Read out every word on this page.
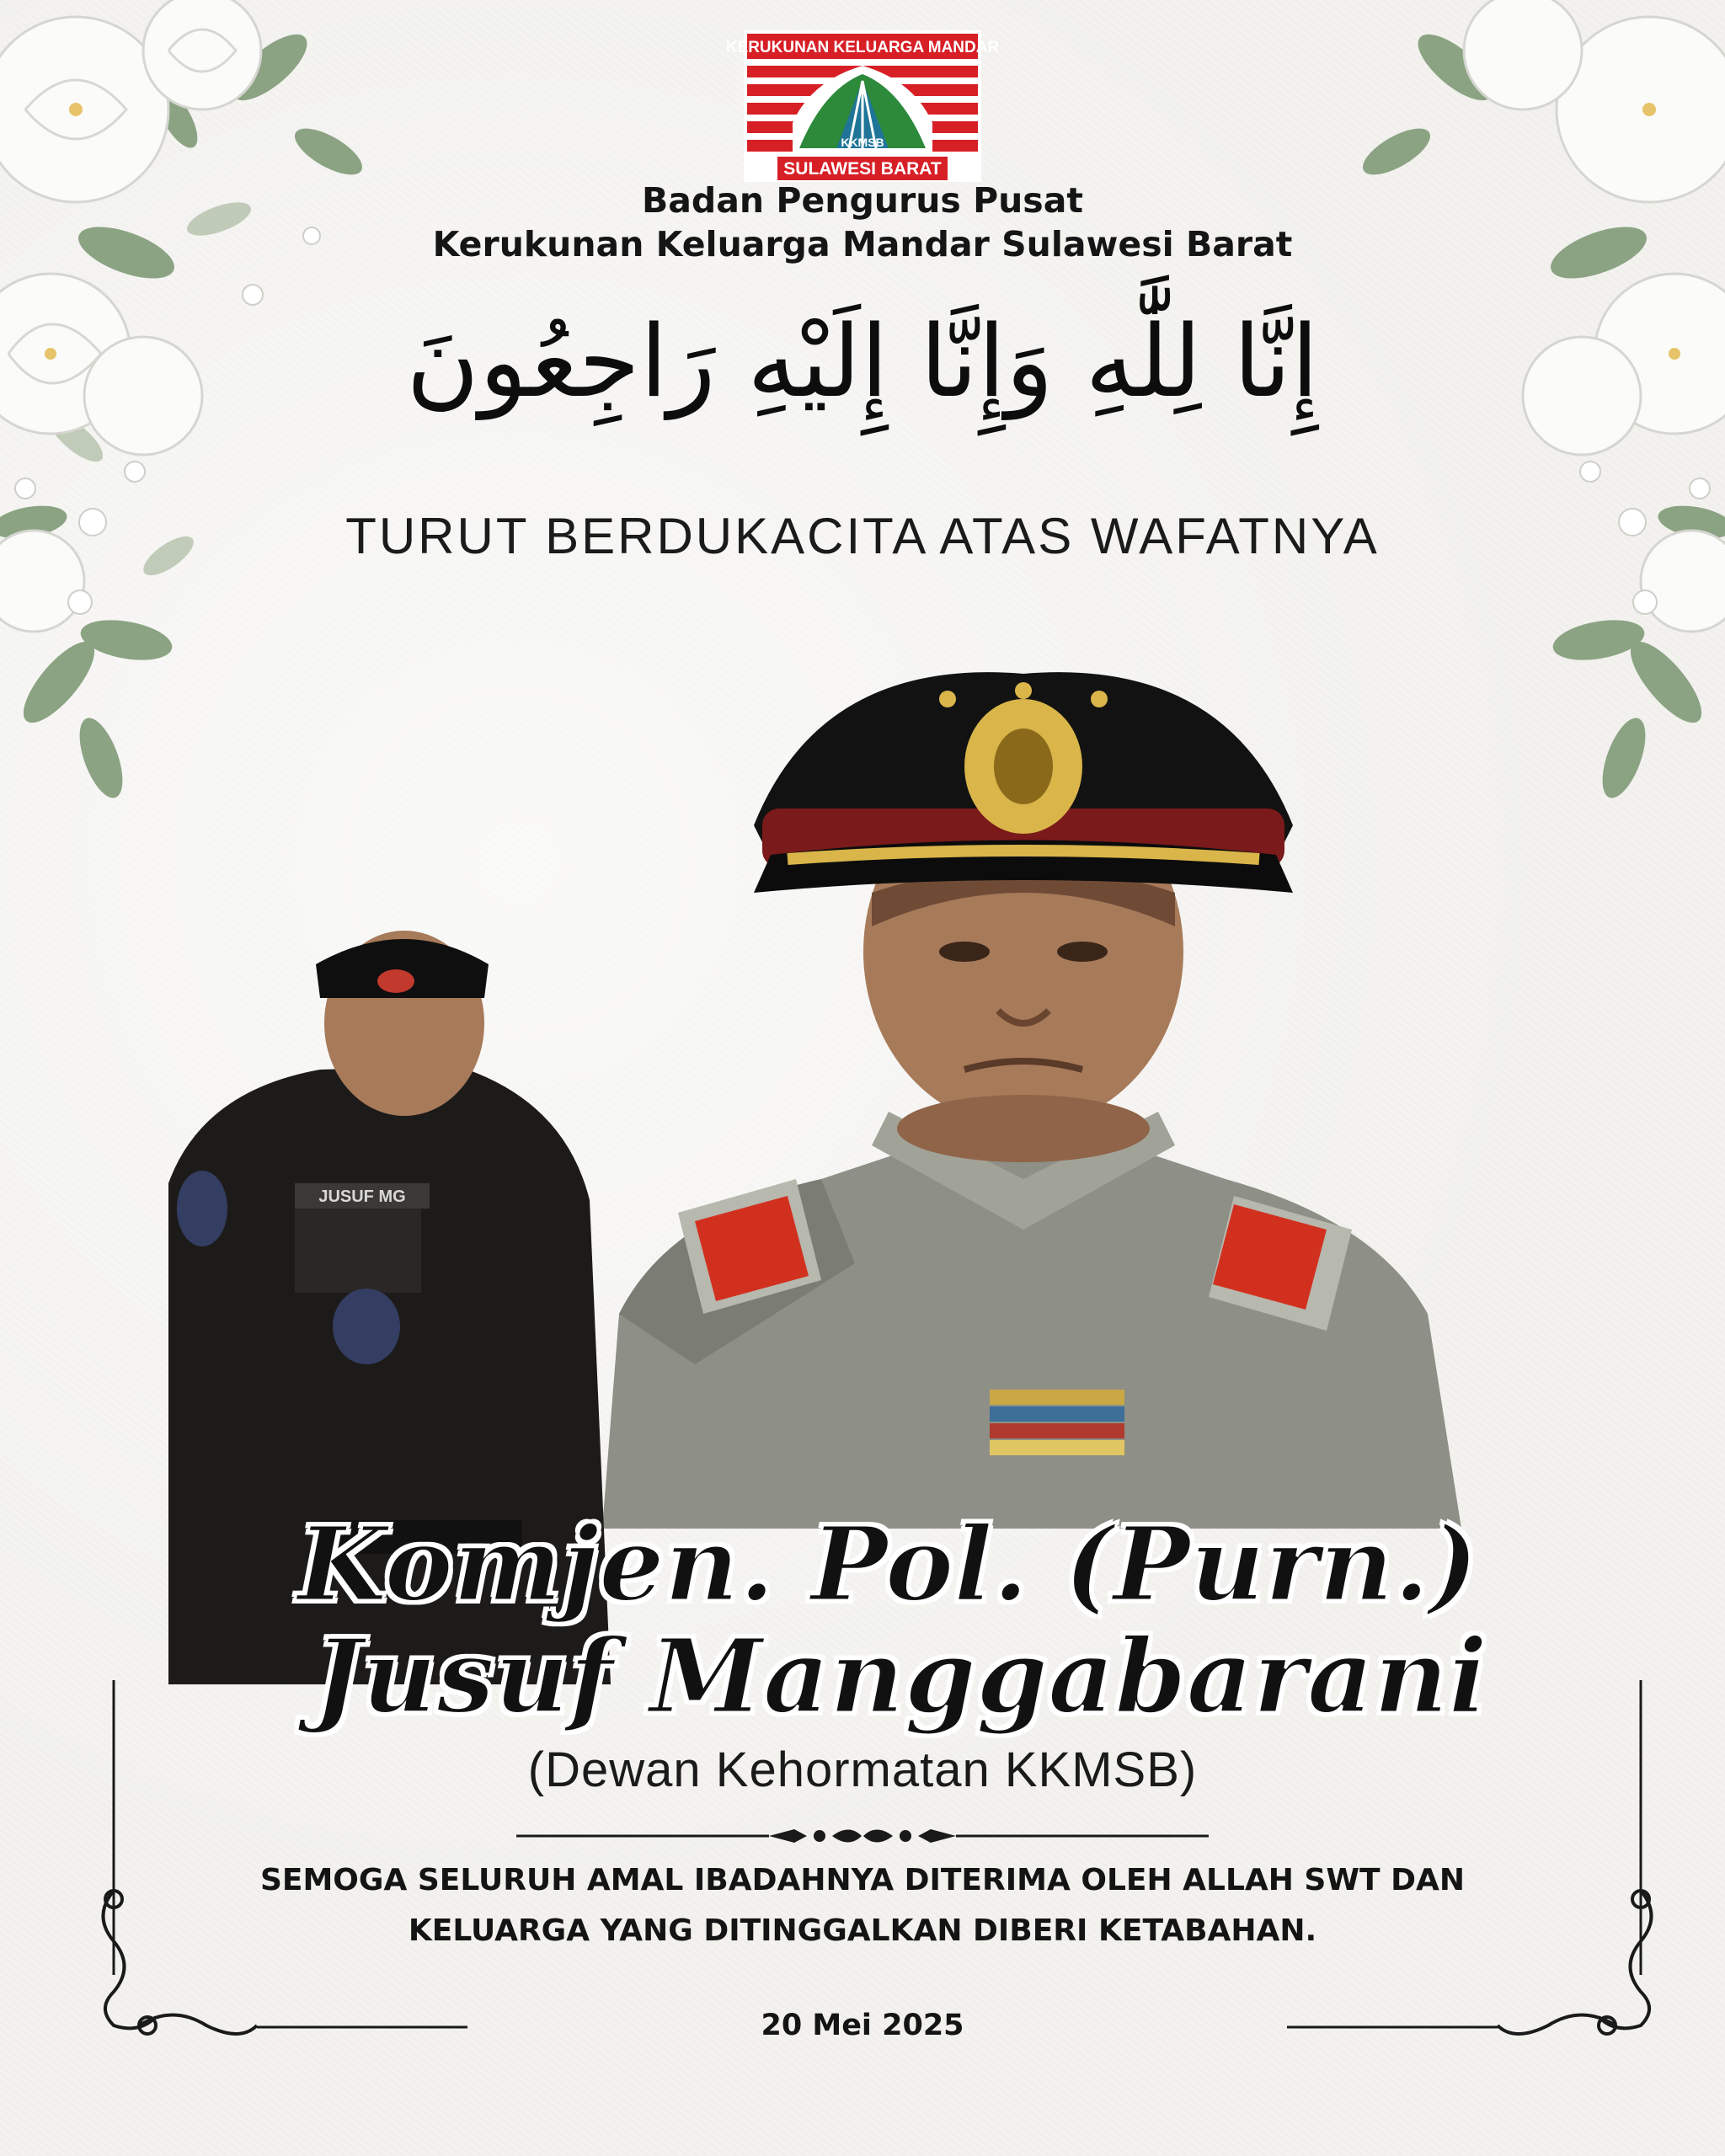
KERUKUNAN KELUARGA MANDAR
KKMSB
SULAWESI BARAT
Badan Pengurus Pusat
Kerukunan Keluarga Mandar Sulawesi Barat
إِنَّا لِلَّٰهِ وَإِنَّا إِلَيْهِ رَاجِعُونَ
TURUT BERDUKACITA ATAS WAFATNYA
JUSUF MG
Komjen. Pol. (Purn.)
Jusuf Manggabarani
(Dewan Kehormatan KKMSB)
SEMOGA SELURUH AMAL IBADAHNYA DITERIMA OLEH ALLAH SWT DAN
KELUARGA YANG DITINGGALKAN DIBERI KETABAHAN.
20 Mei 2025
